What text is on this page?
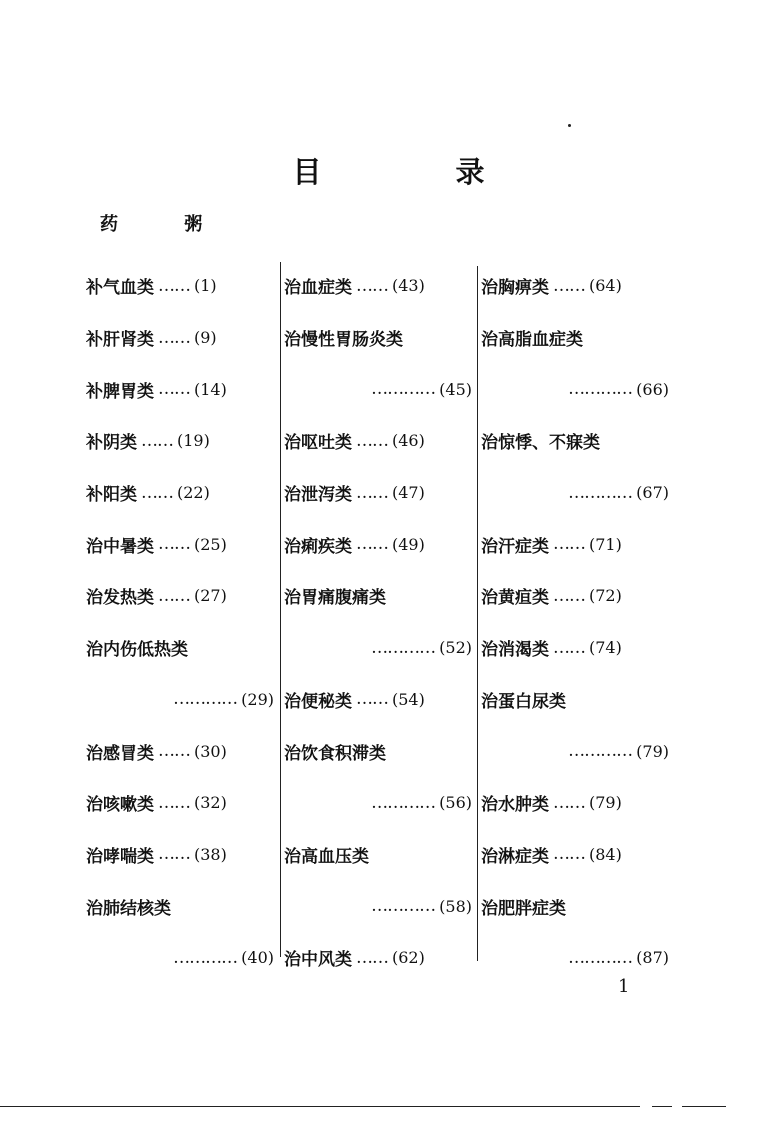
目 录
药 粥
补气血类 …… (1)
补肝肾类 …… (9)
补脾胃类 …… (14)
补阴类 …… (19)
补阳类 …… (22)
治中暑类 …… (25)
治发热类 …… (27)
治内伤低热类
………… (29)
治感冒类 …… (30)
治咳嗽类 …… (32)
治哮喘类 …… (38)
治肺结核类
………… (40)
治血症类 …… (43)
治慢性胃肠炎类
………… (45)
治呕吐类 …… (46)
治泄泻类 …… (47)
治痢疾类 …… (49)
治胃痛腹痛类
………… (52)
治便秘类 …… (54)
治饮食积滞类
………… (56)
治高血压类
………… (58)
治中风类 …… (62)
治胸痹类 …… (64)
治高脂血症类
………… (66)
治惊悸、不寐类
………… (67)
治汗症类 …… (71)
治黄疸类 …… (72)
治消渴类 …… (74)
治蛋白尿类
………… (79)
治水肿类 …… (79)
治淋症类 …… (84)
治肥胖症类
………… (87)
1
